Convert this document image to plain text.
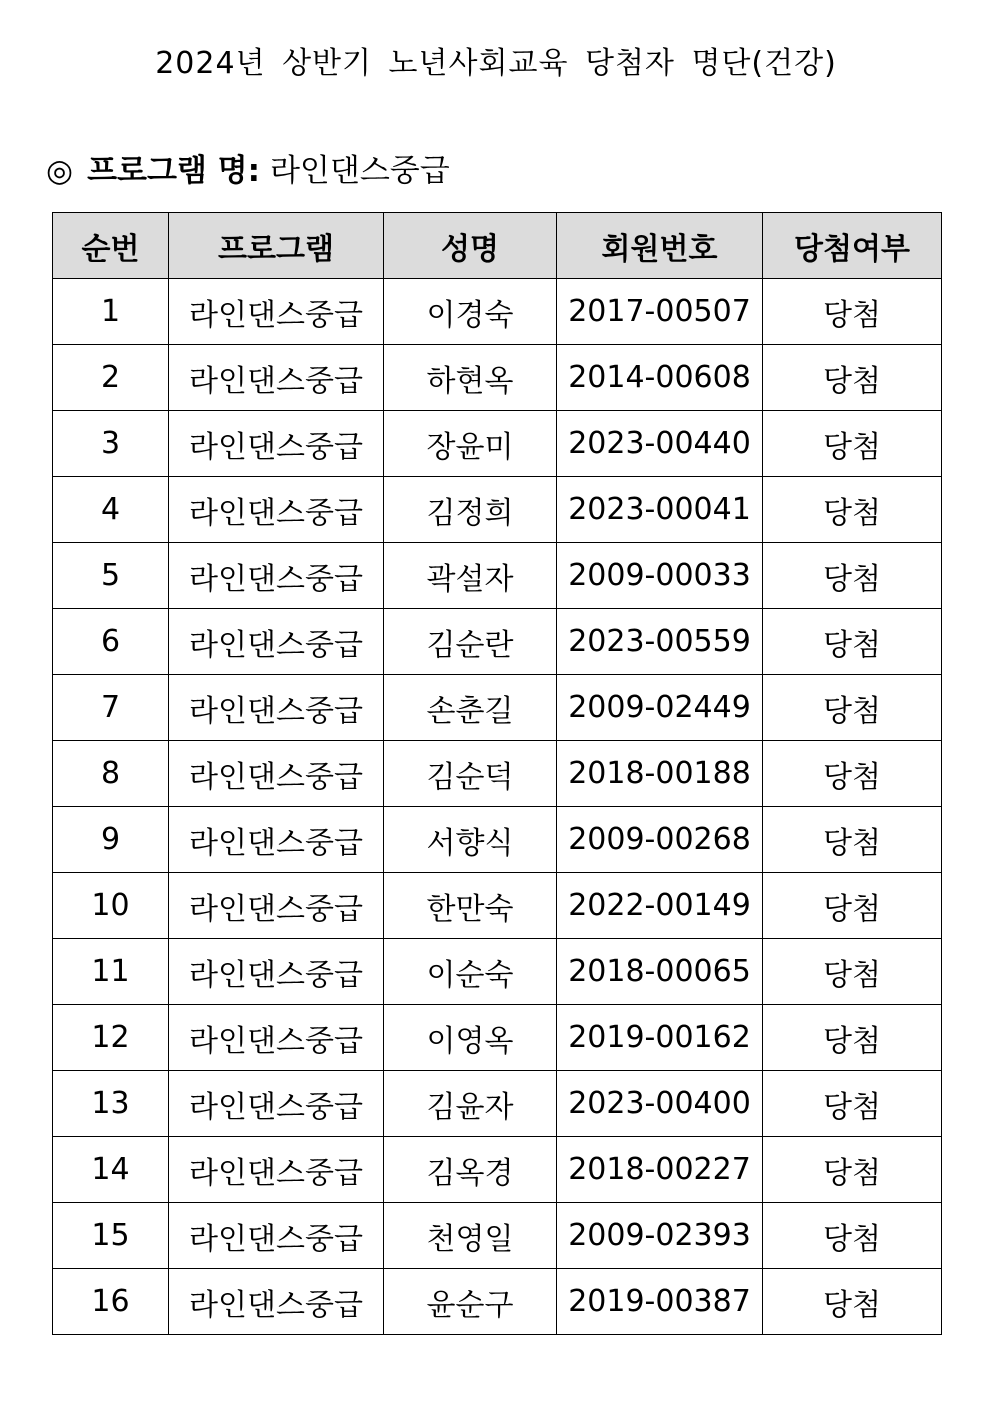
2024년 상반기 노년사회교육 당첨자 명단(건강)
◎ 프로그램 명: 라인댄스중급
순번	프로그램	성명	회원번호	당첨여부
1	라인댄스중급	이경숙	2017-00507	당첨
2	라인댄스중급	하현옥	2014-00608	당첨
3	라인댄스중급	장윤미	2023-00440	당첨
4	라인댄스중급	김정희	2023-00041	당첨
5	라인댄스중급	곽설자	2009-00033	당첨
6	라인댄스중급	김순란	2023-00559	당첨
7	라인댄스중급	손춘길	2009-02449	당첨
8	라인댄스중급	김순덕	2018-00188	당첨
9	라인댄스중급	서향식	2009-00268	당첨
10	라인댄스중급	한만숙	2022-00149	당첨
11	라인댄스중급	이순숙	2018-00065	당첨
12	라인댄스중급	이영옥	2019-00162	당첨
13	라인댄스중급	김윤자	2023-00400	당첨
14	라인댄스중급	김옥경	2018-00227	당첨
15	라인댄스중급	천영일	2009-02393	당첨
16	라인댄스중급	윤순구	2019-00387	당첨
